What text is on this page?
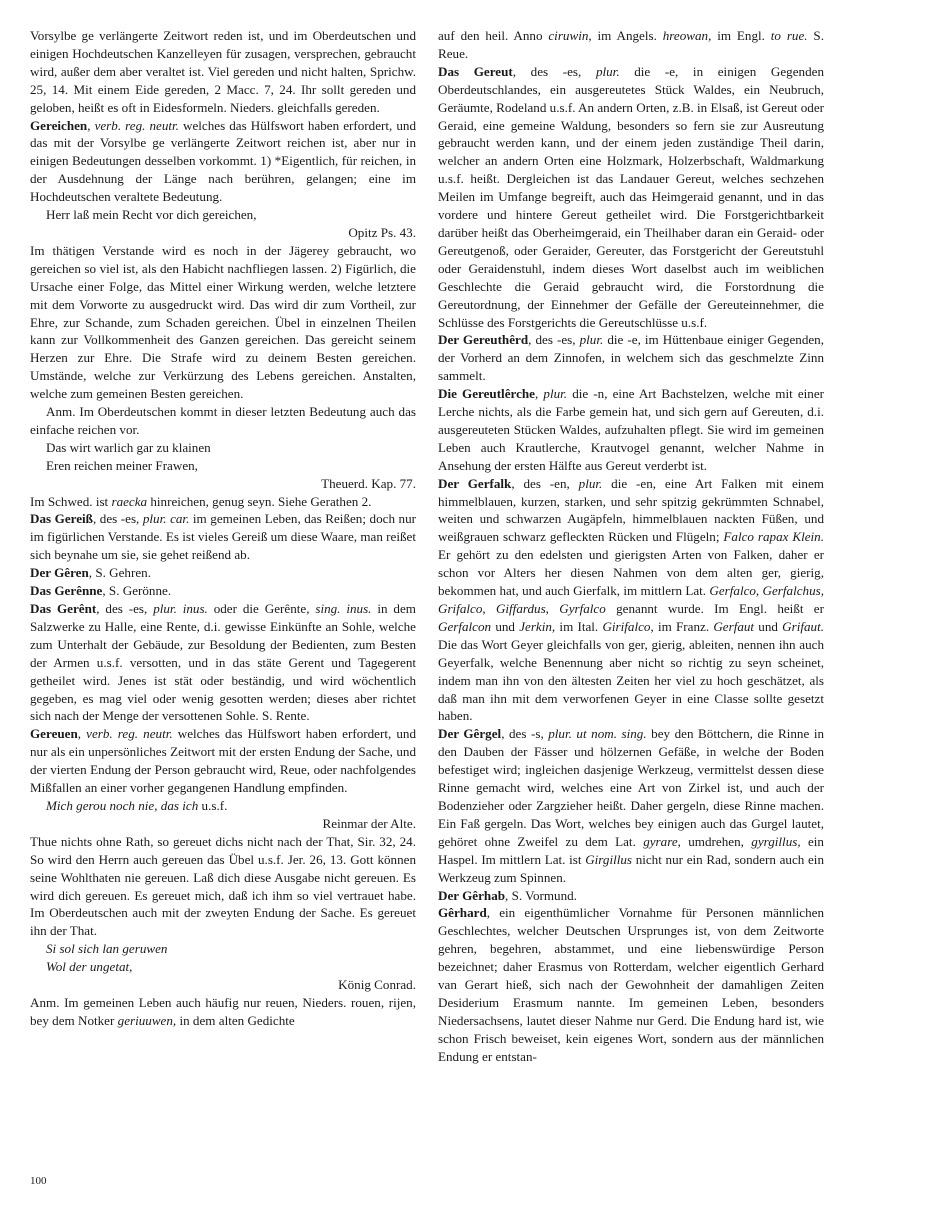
Vorsylbe ge verlängerte Zeitwort reden ist, und im Oberdeutschen und einigen Hochdeutschen Kanzelleyen für zusagen, versprechen, gebraucht wird, außer dem aber veraltet ist. Viel gereden und nicht halten, Sprichw. 25, 14. Mit einem Eide gereden, 2 Macc. 7, 24. Ihr sollt gereden und geloben, heißt es oft in Eidesformeln. Nieders. gleichfalls gereden.

Gereichen, verb. reg. neutr. welches das Hülfswort haben erfordert, und das mit der Vorsylbe ge verlängerte Zeitwort reichen ist, aber nur in einigen Bedeutungen desselben vorkommt. 1) *Eigentlich, für reichen, in der Ausdehnung der Länge nach berühren, gelangen; eine im Hochdeutschen veraltete Bedeutung.

Herr laß mein Recht vor dich gereichen,

Opitz Ps. 43.

Im thätigen Verstande wird es noch in der Jägerey gebraucht, wo gereichen so viel ist, als den Habicht nachfliegen lassen. 2) Figürlich, die Ursache einer Folge, das Mittel einer Wirkung werden, welche letztere mit dem Vorworte zu ausgedruckt wird. Das wird dir zum Vortheil, zur Ehre, zur Schande, zum Schaden gereichen. Übel in einzelnen Theilen kann zur Vollkommenheit des Ganzen gereichen. Das gereicht seinem Herzen zur Ehre. Die Strafe wird zu deinem Besten gereichen. Umstände, welche zur Verkürzung des Lebens gereichen. Anstalten, welche zum gemeinen Besten gereichen.

Anm. Im Oberdeutschen kommt in dieser letzten Bedeutung auch das einfache reichen vor.

Das wirt warlich gar zu klainen

Eren reichen meiner Frawen,

Theuerd. Kap. 77.

Im Schwed. ist raecka hinreichen, genug seyn. Siehe Gerathen 2.

Das Gereiß, des -es, plur. car. im gemeinen Leben, das Reißen; doch nur im figürlichen Verstande. Es ist vieles Gereiß um diese Waare, man reißet sich beynahe um sie, sie gehet reißend ab.

Der Gêren, S. Gehren.

Das Gerênne, S. Gerönne.

Das Gerênt, des -es, plur. inus. oder die Gerênte, sing. inus. in dem Salzwerke zu Halle, eine Rente, d.i. gewisse Einkünfte an Sohle, welche zum Unterhalt der Gebäude, zur Besoldung der Bedienten, zum Besten der Armen u.s.f. versotten, und in das stäte Gerent und Tagegerent getheilet wird. Jenes ist stät oder beständig, und wird wöchentlich gegeben, es mag viel oder wenig gesotten werden; dieses aber richtet sich nach der Menge der versottenen Sohle. S. Rente.

Gereuen, verb. reg. neutr. welches das Hülfswort haben erfordert, und nur als ein unpersönliches Zeitwort mit der ersten Endung der Sache, und der vierten Endung der Person gebraucht wird, Reue, oder nachfolgendes Mißfallen an einer vorher gegangenen Handlung empfinden.

Mich gerou noch nie, das ich u.s.f.

Reinmar der Alte.

Thue nichts ohne Rath, so gereuet dichs nicht nach der That, Sir. 32, 24. So wird den Herrn auch gereuen das Übel u.s.f. Jer. 26, 13. Gott können seine Wohlthaten nie gereuen. Laß dich diese Ausgabe nicht gereuen. Es wird dich gereuen. Es gereuet mich, daß ich ihm so viel vertrauet habe. Im Oberdeutschen auch mit der zweyten Endung der Sache. Es gereuet ihn der That.

Si sol sich lan geruwen

Wol der ungetat,

König Conrad.

Anm. Im gemeinen Leben auch häufig nur reuen, Nieders. rouen, rijen, bey dem Notker geriuuwen, in dem alten Gedichte

auf den heil. Anno ciruwin, im Angels. hreowan, im Engl. to rue. S. Reue.

Das Gereut, des -es, plur. die -e, in einigen Gegenden Oberdeutschlandes, ein ausgereutetes Stück Waldes, ein Neubruch, Geräumte, Rodeland u.s.f. An andern Orten, z.B. in Elsaß, ist Gereut oder Geraid, eine gemeine Waldung, besonders so fern sie zur Ausreutung gebraucht werden kann, und der einem jeden zuständige Theil darin, welcher an andern Orten eine Holzmark, Holzerbschaft, Waldmarkung u.s.f. heißt. Dergleichen ist das Landauer Gereut, welches sechzehen Meilen im Umfange begreift, auch das Heimgeraid genannt, und in das vordere und hintere Gereut getheilet wird. Die Forstgerichtbarkeit darüber heißt das Oberheimgeraid, ein Theilhaber daran ein Geraid- oder Gereutgenoß, oder Geraider, Gereuter, das Forstgericht der Gereutstuhl oder Geraidenstuhl, indem dieses Wort daselbst auch im weiblichen Geschlechte die Geraid gebraucht wird, die Forstordnung die Gereutordnung, der Einnehmer der Gefälle der Gereuteinnehmer, die Schlüsse des Forstgerichts die Gereutschlüsse u.s.f.

Der Gereuthêrd, des -es, plur. die -e, im Hüttenbaue einiger Gegenden, der Vorherd an dem Zinnofen, in welchem sich das geschmelzte Zinn sammelt.

Die Gereutlêrche, plur. die -n, eine Art Bachstelzen, welche mit einer Lerche nichts, als die Farbe gemein hat, und sich gern auf Gereuten, d.i. ausgereuteten Stücken Waldes, aufzuhalten pflegt. Sie wird im gemeinen Leben auch Krautlerche, Krautvogel genannt, welcher Nahme in Ansehung der ersten Hälfte aus Gereut verderbt ist.

Der Gerfalk, des -en, plur. die -en, eine Art Falken mit einem himmelblauen, kurzen, starken, und sehr spitzig gekrümmten Schnabel, weiten und schwarzen Augäpfeln, himmelblauen nackten Füßen, und weißgrauen schwarz gefleckten Rücken und Flügeln; Falco rapax Klein. Er gehört zu den edelsten und gierigsten Arten von Falken, daher er schon vor Alters her diesen Nahmen von dem alten ger, gierig, bekommen hat, und auch Gierfalk, im mittlern Lat. Gerfalco, Gerfalchus, Grifalco, Giffardus, Gyrfalco genannt wurde. Im Engl. heißt er Gerfalcon und Jerkin, im Ital. Girifalco, im Franz. Gerfaut und Grifaut. Die das Wort Geyer gleichfalls von ger, gierig, ableiten, nennen ihn auch Geyerfalk, welche Benennung aber nicht so richtig zu seyn scheinet, indem man ihn von den ältesten Zeiten her viel zu hoch geschätzet, als daß man ihn mit dem verworfenen Geyer in eine Classe sollte gesetzt haben.

Der Gêrgel, des -s, plur. ut nom. sing. bey den Böttchern, die Rinne in den Dauben der Fässer und hölzernen Gefäße, in welche der Boden befestiget wird; ingleichen dasjenige Werkzeug, vermittelst dessen diese Rinne gemacht wird, welches eine Art von Zirkel ist, und auch der Bodenzieher oder Zargzieher heißt. Daher gergeln, diese Rinne machen. Ein Faß gergeln. Das Wort, welches bey einigen auch das Gurgel lautet, gehöret ohne Zweifel zu dem Lat. gyrare, umdrehen, gyrgillus, ein Haspel. Im mittlern Lat. ist Girgillus nicht nur ein Rad, sondern auch ein Werkzeug zum Spinnen.

Der Gêrhab, S. Vormund.

Gêrhard, ein eigenthümlicher Vornahme für Personen männlichen Geschlechtes, welcher Deutschen Ursprunges ist, von dem Zeitworte gehren, begehren, abstammet, und eine liebenswürdige Person bezeichnet; daher Erasmus von Rotterdam, welcher eigentlich Gerhard van Gerart hieß, sich nach der Gewohnheit der damahligen Zeiten Desiderium Erasmum nannte. Im gemeinen Leben, besonders Niedersachsens, lautet dieser Nahme nur Gerd. Die Endung hard ist, wie schon Frisch beweiset, kein eigenes Wort, sondern aus der männlichen Endung er entstan-

100
